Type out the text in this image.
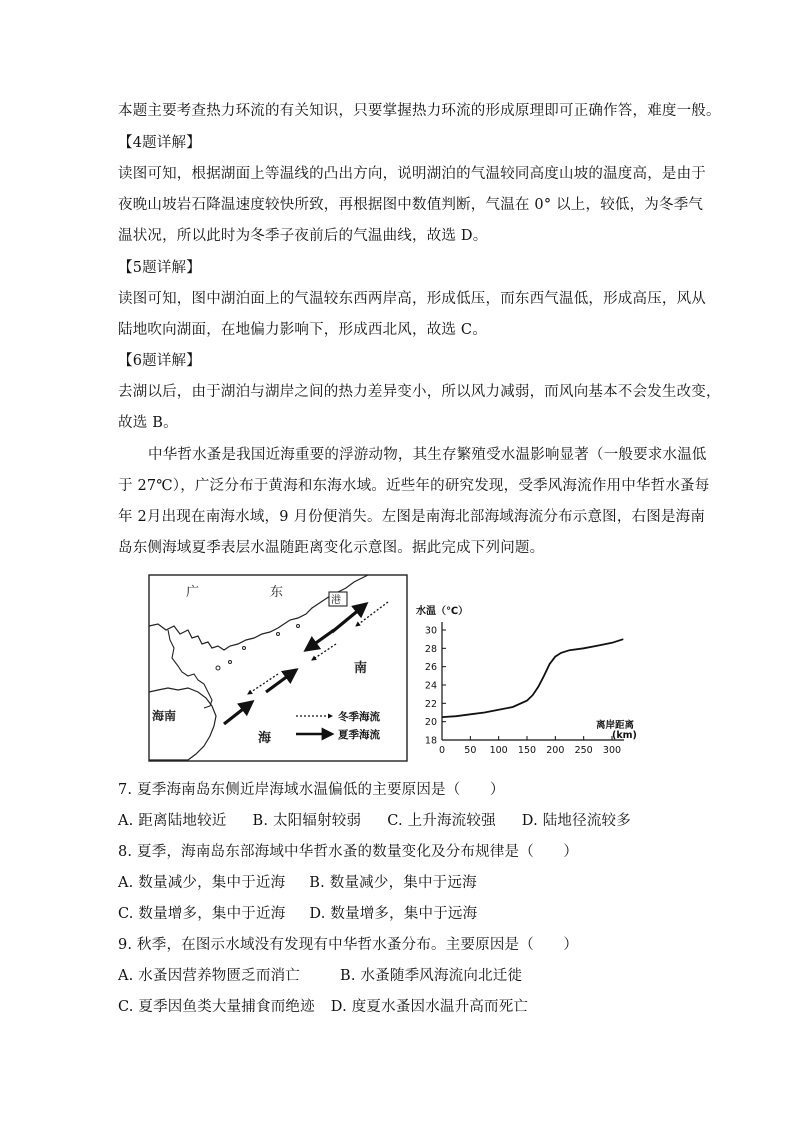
本题主要考查热力环流的有关知识，只要掌握热力环流的形成原理即可正确作答，难度一般。
【4题详解】
读图可知，根据湖面上等温线的凸出方向，说明湖泊的气温较同高度山坡的温度高，是由于
夜晚山坡岩石降温速度较快所致，再根据图中数值判断，气温在 0° 以上，较低，为冬季气
温状况，所以此时为冬季子夜前后的气温曲线，故选 D。
【5题详解】
读图可知，图中湖泊面上的气温较东西两岸高，形成低压，而东西气温低，形成高压，风从
陆地吹向湖面，在地偏力影响下，形成西北风，故选 C。
【6题详解】
去湖以后，由于湖泊与湖岸之间的热力差异变小，所以风力减弱，而风向基本不会发生改变，
故选 B。
中华哲水蚤是我国近海重要的浮游动物，其生存繁殖受水温影响显著（一般要求水温低
于 27℃），广泛分布于黄海和东海水域。近些年的研究发现，受季风海流作用中华哲水蚤每
年 2月出现在南海水域，9 月份便消失。左图是南海北部海域海流分布示意图，右图是海南
岛东侧海域夏季表层水温随距离变化示意图。据此完成下列问题。
港
广	东
南
海南
海
冬季海流
夏季海流
水温（℃）
离岸距离
(km)
18
20
22
24
26
28
30
0 50 100 150 200 250 300
7. 夏季海南岛东侧近岸海域水温偏低的主要原因是（　　）
A. 距离陆地较近 B. 太阳辐射较弱 C. 上升海流较强 D. 陆地径流较多
8. 夏季，海南岛东部海域中华哲水蚤的数量变化及分布规律是（　　）
A. 数量减少，集中于近海 B. 数量减少，集中于远海
C. 数量增多，集中于近海 D. 数量增多，集中于远海
9. 秋季，在图示水域没有发现有中华哲水蚤分布。主要原因是（　　）
A. 水蚤因营养物匮乏而消亡	B. 水蚤随季风海流向北迁徙
C. 夏季因鱼类大量捕食而绝迹 D. 度夏水蚤因水温升高而死亡
